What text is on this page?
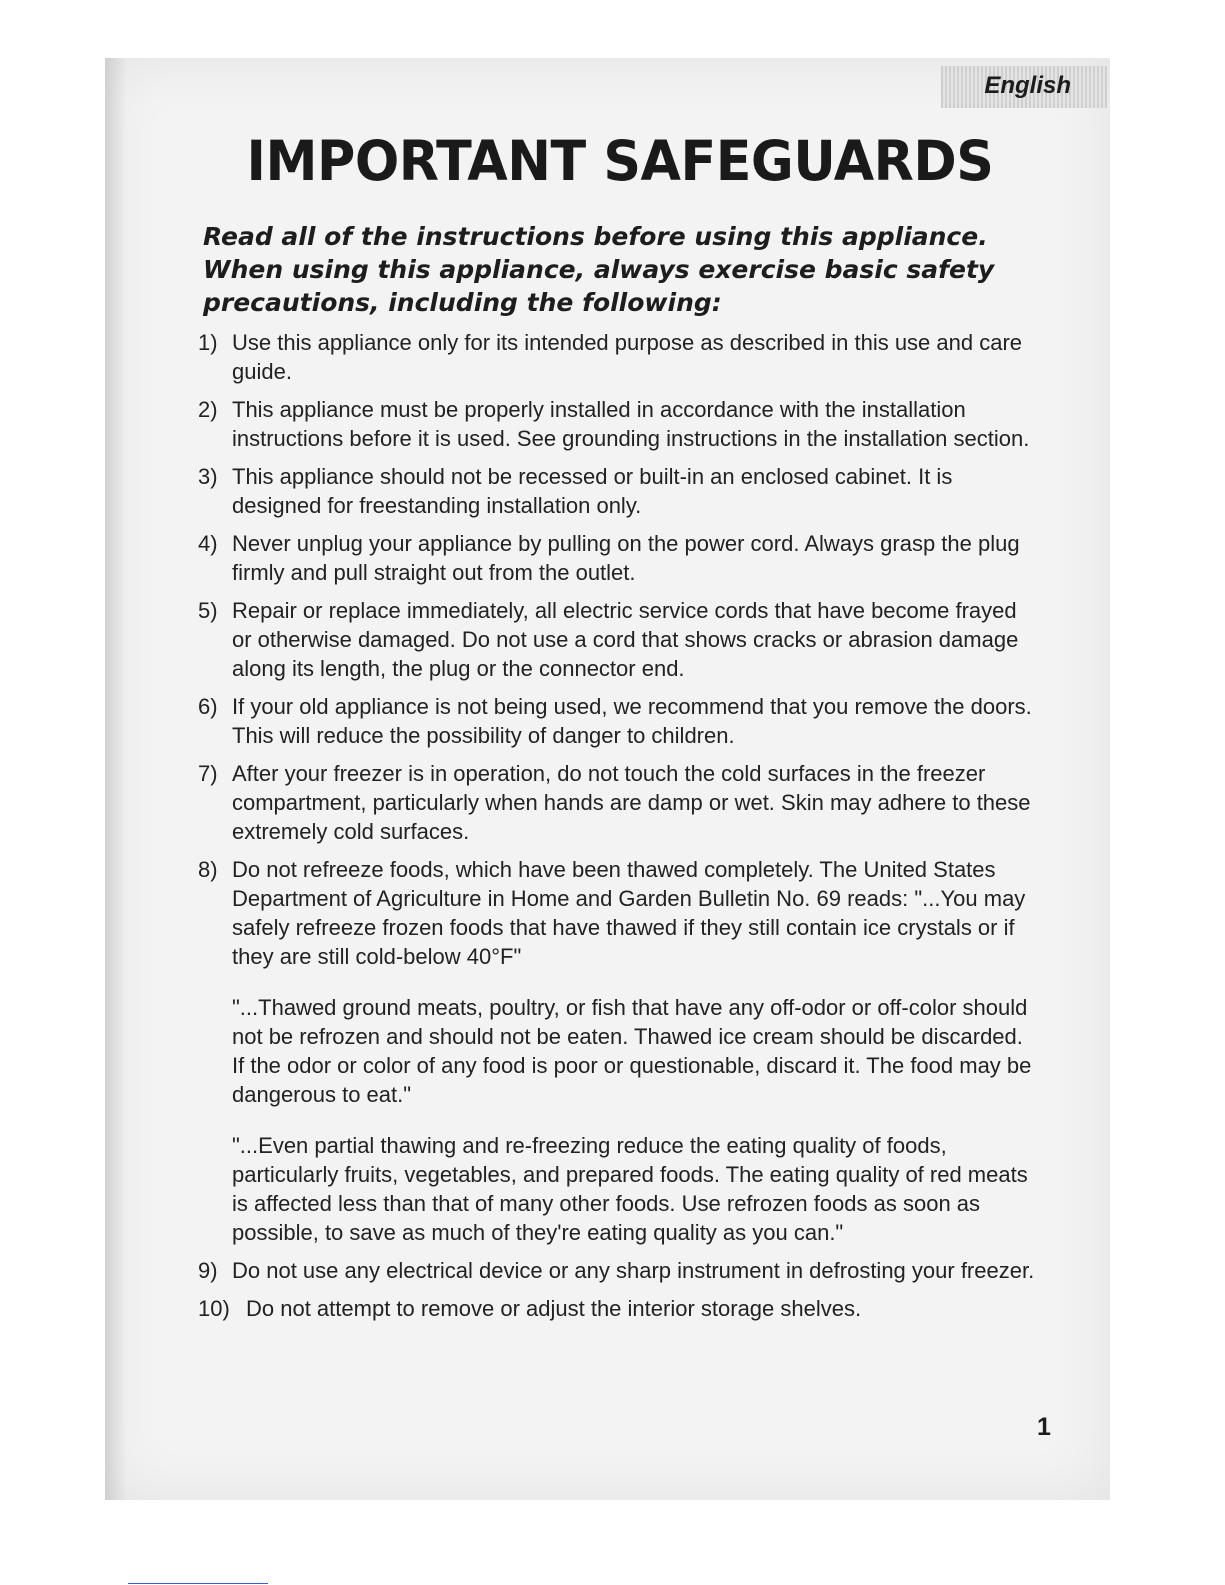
English
IMPORTANT SAFEGUARDS

Read all of the instructions before using this appliance. When using this appliance, always exercise basic safety precautions, including the following:

1) Use this appliance only for its intended purpose as described in this use and care guide.
2) This appliance must be properly installed in accordance with the installation instructions before it is used. See grounding instructions in the installation section.
3) This appliance should not be recessed or built-in an enclosed cabinet. It is designed for freestanding installation only.
4) Never unplug your appliance by pulling on the power cord. Always grasp the plug firmly and pull straight out from the outlet.
5) Repair or replace immediately, all electric service cords that have become frayed or otherwise damaged. Do not use a cord that shows cracks or abrasion damage along its length, the plug or the connector end.
6) If your old appliance is not being used, we recommend that you remove the doors. This will reduce the possibility of danger to children.
7) After your freezer is in operation, do not touch the cold surfaces in the freezer compartment, particularly when hands are damp or wet. Skin may adhere to these extremely cold surfaces.
8) Do not refreeze foods, which have been thawed completely. The United States Department of Agriculture in Home and Garden Bulletin No. 69 reads: "...You may safely refreeze frozen foods that have thawed if they still contain ice crystals or if they are still cold-below 40°F"
"...Thawed ground meats, poultry, or fish that have any off-odor or off-color should not be refrozen and should not be eaten. Thawed ice cream should be discarded. If the odor or color of any food is poor or questionable, discard it. The food may be dangerous to eat."
"...Even partial thawing and re-freezing reduce the eating quality of foods, particularly fruits, vegetables, and prepared foods. The eating quality of red meats is affected less than that of many other foods. Use refrozen foods as soon as possible, to save as much of they're eating quality as you can."
9) Do not use any electrical device or any sharp instrument in defrosting your freezer.
10) Do not attempt to remove or adjust the interior storage shelves.
1
